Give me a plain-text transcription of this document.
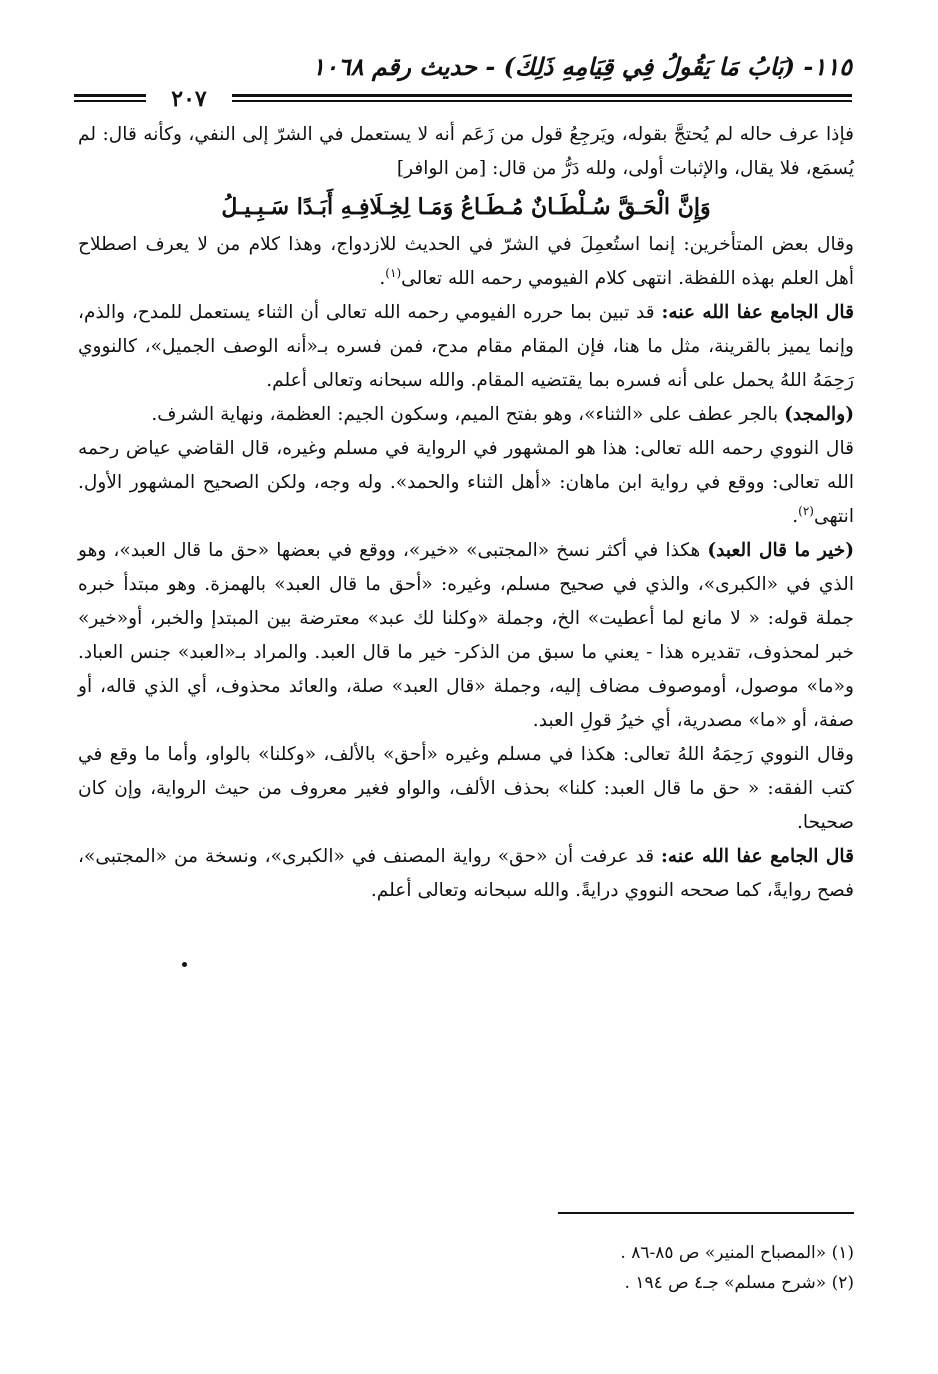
١١٥- (بَابُ مَا يَقُولُ فِي قِيَامِهِ ذَلِكَ) - حديث رقم ١٠٦٨
٢٠٧

فإذا عرف حاله لم يُحتجَّ بقوله، ويَرجِعُ قول من زَعَم أنه لا يستعمل في الشرّ إلى النفي، وكأنه قال: لم يُسمَع، فلا يقال، والإثبات أولى، ولله دَرُّ من قال: [من الوافر]

وَإِنَّ الْحَـقَّ سُـلْطَـانٌ مُـطَـاعُ وَمَـا لِخِـلَافِـهِ أَبَـدًا سَـبِـيـلُ

وقال بعض المتأخرين: إنما استُعمِلَ في الشرّ في الحديث للازدواج، وهذا كلام من لا يعرف اصطلاح أهل العلم بهذه اللفظة. انتهى كلام الفيومي رحمه الله تعالى$^{(١)}$.

قال الجامع عفا الله عنه: قد تبين بما حرره الفيومي رحمه الله تعالى أن الثناء يستعمل للمدح، والذم، وإنما يميز بالقرينة، مثل ما هنا، فإن المقام مقام مدح، فمن فسره بـ«أنه الوصف الجميل»، كالنووي رَحِمَهُ اللهُ يحمل على أنه فسره بما يقتضيه المقام. والله سبحانه وتعالى أعلم.

(والمجد) بالجر عطف على «الثناء»، وهو بفتح الميم، وسكون الجيم: العظمة، ونهاية الشرف.

قال النووي رحمه الله تعالى: هذا هو المشهور في الرواية في مسلم وغيره، قال القاضي عياض رحمه الله تعالى: ووقع في رواية ابن ماهان: «أهل الثناء والحمد». وله وجه، ولكن الصحيح المشهور الأول. انتهى$^{(٢)}$.

(خير ما قال العبد) هكذا في أكثر نسخ «المجتبى» «خير»، ووقع في بعضها «حق ما قال العبد»، وهو الذي في «الكبرى»، والذي في صحيح مسلم، وغيره: «أحق ما قال العبد» بالهمزة. وهو مبتدأ خبره جملة قوله: « لا مانع لما أعطيت» الخ، وجملة «وكلنا لك عبد» معترضة بين المبتدإ والخبر، أو«خير» خبر لمحذوف، تقديره هذا - يعني ما سبق من الذكر- خير ما قال العبد. والمراد بـ«العبد» جنس العباد. و«ما» موصول، أوموصوف مضاف إليه، وجملة «قال العبد» صلة، والعائد محذوف، أي الذي قاله، أو صفة، أو «ما» مصدرية، أي خيرُ قولِ العبد.

وقال النووي رَحِمَهُ اللهُ تعالى: هكذا في مسلم وغيره «أحق» بالألف، «وكلنا» بالواو، وأما ما وقع في كتب الفقه: « حق ما قال العبد: كلنا» بحذف الألف، والواو فغير معروف من حيث الرواية، وإن كان صحيحا.

قال الجامع عفا الله عنه: قد عرفت أن «حق» رواية المصنف في «الكبرى»، ونسخة من «المجتبى»، فصح روايةً، كما صححه النووي درايةً. والله سبحانه وتعالى أعلم.

(١) «المصباح المنير» ص ٨٥-٨٦ .

(٢) «شرح مسلم» جـ٤ ص ١٩٤ .
